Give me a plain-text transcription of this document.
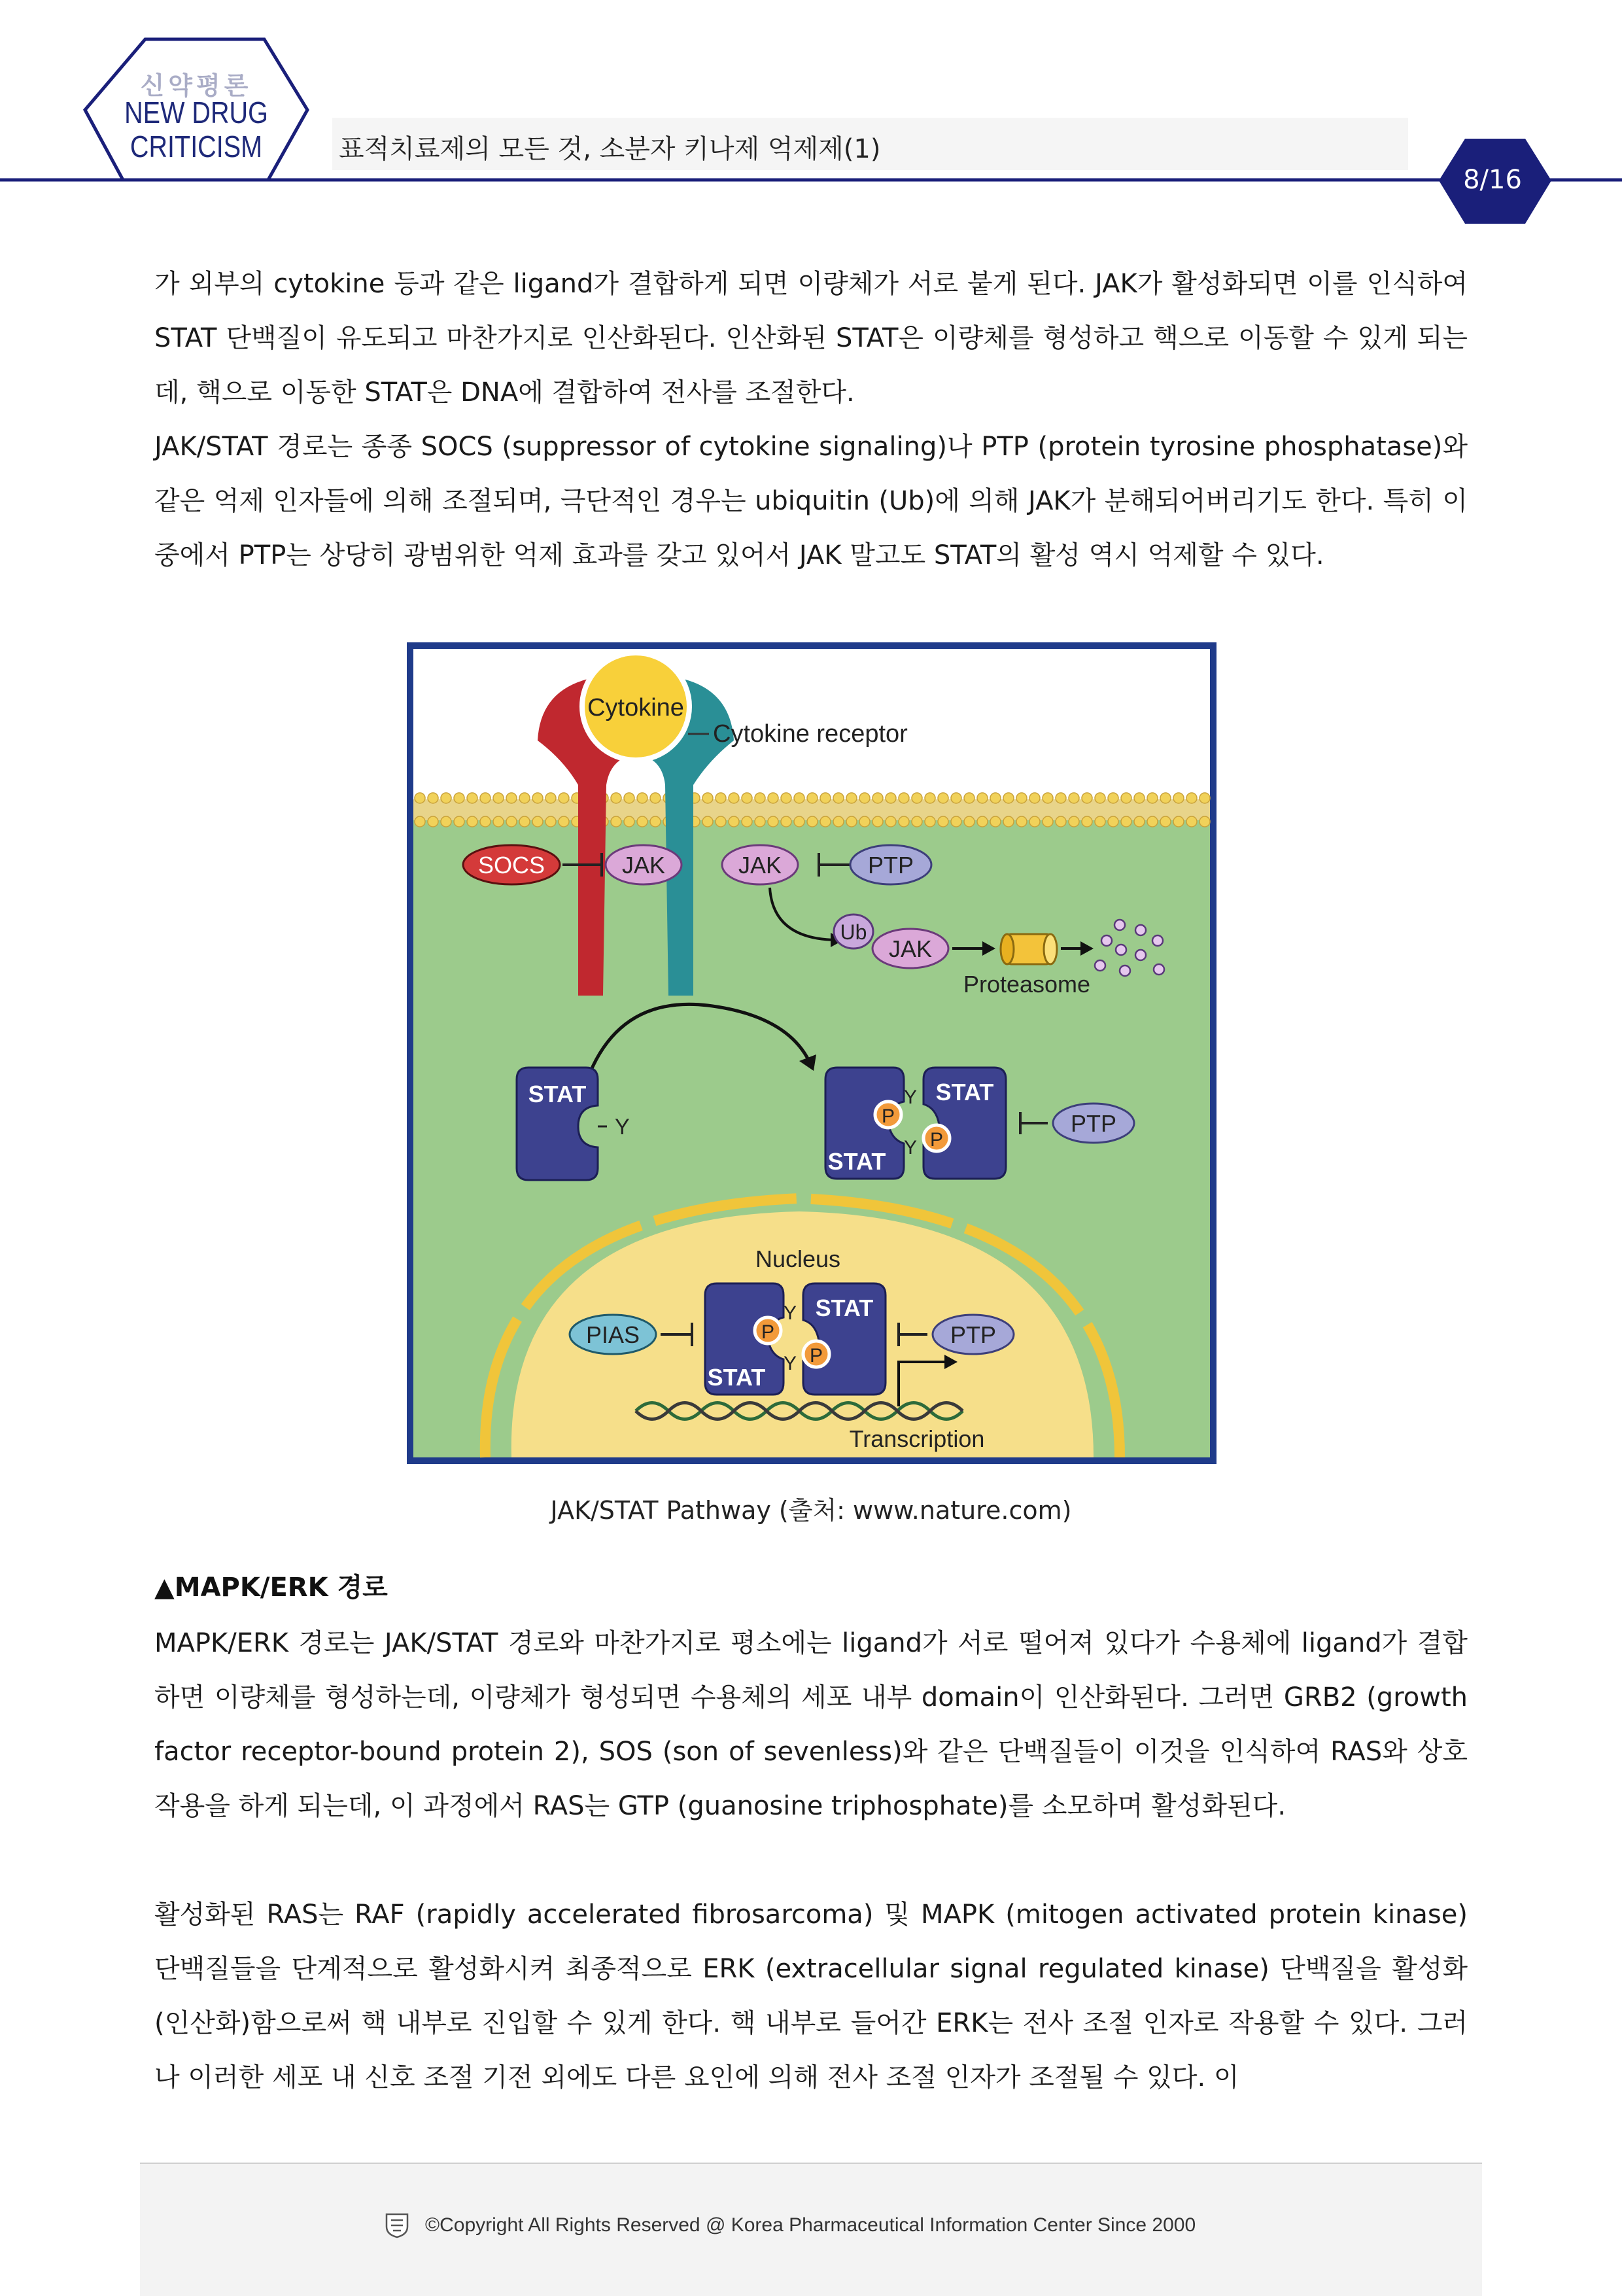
신약평론
NEW DRUG
CRITICISM	표적치료제의 모든 것, 소분자 키나제 억제제(1)
8/16
가 외부의 cytokine 등과 같은 ligand가 결합하게 되면 이량체가 서로 붙게 된다. JAK가 활성화되면 이를 인식하여 STAT 단백질이 유도되고 마찬가지로 인산화된다. 인산화된 STAT은 이량체를 형성하고 핵으로 이동할 수 있게 되는데, 핵으로 이동한 STAT은 DNA에 결합하여 전사를 조절한다.
JAK/STAT 경로는 종종 SOCS (suppressor of cytokine signaling)나 PTP (protein tyrosine phosphatase)와 같은 억제 인자들에 의해 조절되며, 극단적인 경우는 ubiquitin (Ub)에 의해 JAK가 분해되어버리기도 한다. 특히 이 중에서 PTP는 상당히 광범위한 억제 효과를 갖고 있어서 JAK 말고도 STAT의 활성 역시 억제할 수 있다.
Cytokine
Cytokine receptor
SOCS	JAK	JAK	PTP
Ub
JAK
Proteasome
STAT
Y
STAT
STAT
P
P
Y
Y
PTP
Nucleus
PIAS
STAT
STAT
P
P
Y
Y
PTP
Transcription
JAK/STAT Pathway (출처: www.nature.com)
▲MAPK/ERK 경로
MAPK/ERK 경로는 JAK/STAT 경로와 마찬가지로 평소에는 ligand가 서로 떨어져 있다가 수용체에 ligand가 결합하면 이량체를 형성하는데, 이량체가 형성되면 수용체의 세포 내부 domain이 인산화된다. 그러면 GRB2 (growth factor receptor-bound protein 2), SOS (son of sevenless)와 같은 단백질들이 이것을 인식하여 RAS와 상호작용을 하게 되는데, 이 과정에서 RAS는 GTP (guanosine triphosphate)를 소모하며 활성화된다.
활성화된 RAS는 RAF (rapidly accelerated fibrosarcoma) 및 MAPK (mitogen activated protein kinase) 단백질들을 단계적으로 활성화시켜 최종적으로 ERK (extracellular signal regulated kinase) 단백질을 활성화(인산화)함으로써 핵 내부로 진입할 수 있게 한다. 핵 내부로 들어간 ERK는 전사 조절 인자로 작용할 수 있다. 그러나 이러한 세포 내 신호 조절 기전 외에도 다른 요인에 의해 전사 조절 인자가 조절될 수 있다. 이
©Copyright All Rights Reserved @ Korea Pharmaceutical Information Center Since 2000
